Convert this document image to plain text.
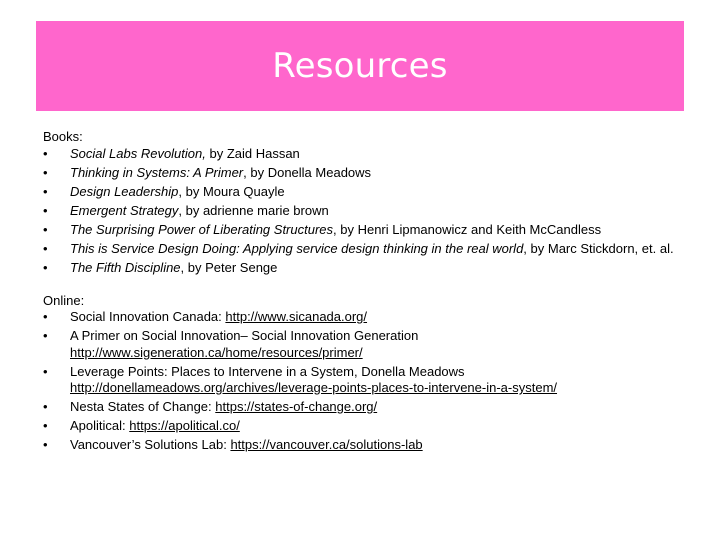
Resources

Books:

• Social Labs Revolution, by Zaid Hassan
• Thinking in Systems: A Primer, by Donella Meadows
• Design Leadership, by Moura Quayle
• Emergent Strategy, by adrienne marie brown
• The Surprising Power of Liberating Structures, by Henri Lipmanowicz and Keith McCandless
• This is Service Design Doing: Applying service design thinking in the real world, by Marc Stickdorn, et. al.
• The Fifth Discipline, by Peter Senge

Online:

• Social Innovation Canada: http://www.sicanada.org/
• A Primer on Social Innovation– Social Innovation Generation http://www.sigeneration.ca/home/resources/primer/
• Leverage Points: Places to Intervene in a System, Donella Meadows http://donellameadows.org/archives/leverage-points-places-to-intervene-in-a-system/
• Nesta States of Change: https://states-of-change.org/
• Apolitical: https://apolitical.co/
• Vancouver’s Solutions Lab: https://vancouver.ca/solutions-lab
